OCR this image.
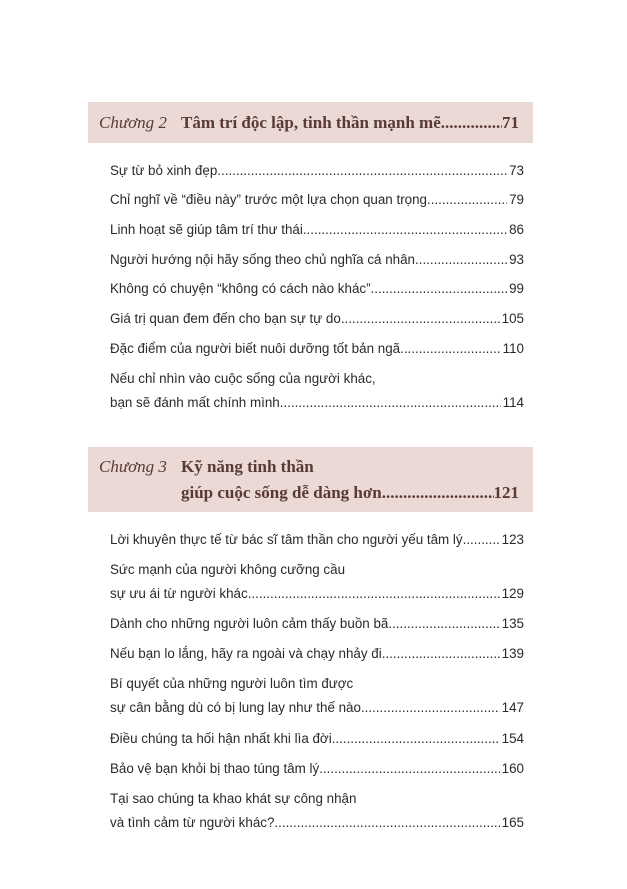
Chương 2 Tâm trí độc lập, tinh thần mạnh mẽ .....	71
Sự từ bỏ xinh đẹp .....	73
Chỉ nghĩ về “điều này” trước một lựa chọn quan trọng .....	79
Linh hoạt sẽ giúp tâm trí thư thái .....	86
Người hướng nội hãy sống theo chủ nghĩa cá nhân .....	93
Không có chuyện “không có cách nào khác” .....	99
Giá trị quan đem đến cho bạn sự tự do .....	105
Đặc điểm của người biết nuôi dưỡng tốt bản ngã .....	110
Nếu chỉ nhìn vào cuộc sống của người khác,
bạn sẽ đánh mất chính mình .....	114
Chương 3 Kỹ năng tinh thần
giúp cuộc sống dễ dàng hơn .....	121
Lời khuyên thực tế từ bác sĩ tâm thần cho người yếu tâm lý .....	123
Sức mạnh của người không cưỡng cầu
sự ưu ái từ người khác .....	129
Dành cho những người luôn cảm thấy buồn bã .....	135
Nếu bạn lo lắng, hãy ra ngoài và chạy nhảy đi .....	139
Bí quyết của những người luôn tìm được
sự cân bằng dù có bị lung lay như thế nào .....	147
Điều chúng ta hối hận nhất khi lìa đời .....	154
Bảo vệ bạn khỏi bị thao túng tâm lý .....	160
Tại sao chúng ta khao khát sự công nhận
và tình cảm từ người khác? .....	165
